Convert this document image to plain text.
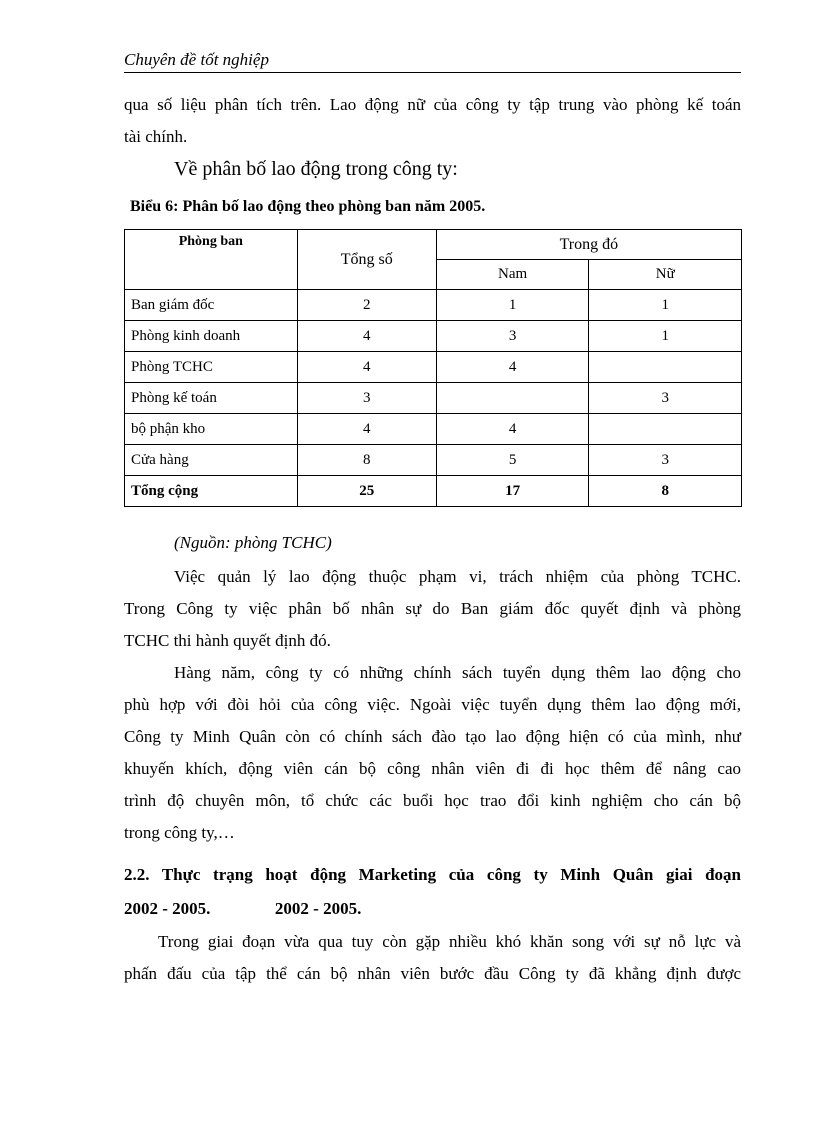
Chuyên đề tốt nghiệp
qua số liệu phân tích trên. Lao động nữ của công ty tập trung vào phòng kế toán
tài chính.
Về phân bố lao động trong công ty:
Biểu 6: Phân bố lao động theo phòng ban năm 2005.
Phòng ban	Tổng số	Trong đó	
		Nam	Nữ
Ban giám đốc	2	1	1
Phòng kinh doanh	4	3	1
Phòng TCHC	4	4	
Phòng kế toán	3		3
bộ phận kho	4	4	
Cửa hàng	8	5	3
Tổng cộng	25	17	8
(Nguồn: phòng TCHC)
Việc quản lý lao động thuộc phạm vi, trách nhiệm của phòng TCHC.
Trong Công ty việc phân bố nhân sự do Ban giám đốc quyết định và phòng
TCHC thi hành quyết định đó.
Hàng năm, công ty có những chính sách tuyển dụng thêm lao động cho
phù hợp với đòi hỏi của công việc. Ngoài việc tuyển dụng thêm lao động mới,
Công ty Minh Quân còn có chính sách đào tạo lao động hiện có của mình, như
khuyến khích, động viên cán bộ công nhân viên đi đi học thêm để nâng cao
trình độ chuyên môn, tổ chức các buổi học trao đổi kinh nghiệm cho cán bộ
trong công ty,…
2.2. Thực trạng hoạt động Marketing của công ty Minh Quân giai đoạn
2002 - 2005.	2002 - 2005.
Trong giai đoạn vừa qua tuy còn gặp nhiều khó khăn song với sự nỗ lực và
phấn đấu của tập thể cán bộ nhân viên bước đầu Công ty đã khẳng định được
